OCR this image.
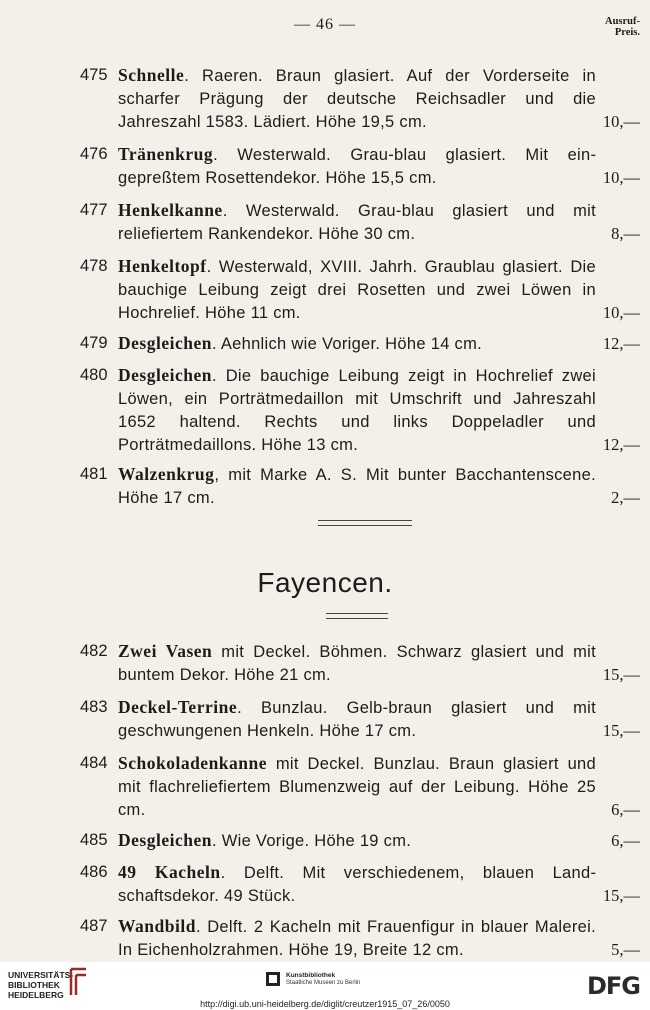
— 46 —	Ausruf-
Preis.
475 Schnelle. Raeren. Braun glasiert. Auf der Vorderseite in scharfer Prägung der deutsche Reichsadler und die Jahreszahl 1583. Lädiert. Höhe 19,5 cm.	10,—
476 Tränenkrug. Westerwald. Grau-blau glasiert. Mit eingepreßtem Rosettendekor. Höhe 15,5 cm.	10,—
477 Henkelkanne. Westerwald. Grau-blau glasiert und mit reliefiertem Rankendekor. Höhe 30 cm.	8,—
478 Henkeltopf. Westerwald, XVIII. Jahrh. Graublau glasiert. Die bauchige Leibung zeigt drei Rosetten und zwei Löwen in Hochrelief. Höhe 11 cm.	10,—
479 Desgleichen. Aehnlich wie Voriger. Höhe 14 cm.	12,—
480 Desgleichen. Die bauchige Leibung zeigt in Hochrelief zwei Löwen, ein Porträtmedaillon mit Umschrift und Jahreszahl 1652 haltend. Rechts und links Doppeladler und Porträtmedaillons. Höhe 13 cm.	12,—
481 Walzenkrug, mit Marke A. S. Mit bunter Bacchantenscene. Höhe 17 cm.	2,—
Fayencen.
482 Zwei Vasen mit Deckel. Böhmen. Schwarz glasiert und mit buntem Dekor. Höhe 21 cm.	15,—
483 Deckel-Terrine. Bunzlau. Gelb-braun glasiert und mit geschwungenen Henkeln. Höhe 17 cm.	15,—
484 Schokoladenkanne mit Deckel. Bunzlau. Braun glasiert und mit flachreliefiertem Blumenzweig auf der Leibung. Höhe 25 cm.	6,—
485 Desgleichen. Wie Vorige. Höhe 19 cm.	6,—
486 49 Kacheln. Delft. Mit verschiedenem, blauen Landschaftsdekor. 49 Stück.	15,—
487 Wandbild. Delft. 2 Kacheln mit Frauenfigur in blauer Malerei. In Eichenholzrahmen. Höhe 19, Breite 12 cm.	5,—
UNIVERSITÄTS-
BIBLIOTHEK
HEIDELBERG
Kunstbibliothek
Staatliche Museen zu Berlin	DFG
http://digi.ub.uni-heidelberg.de/diglit/creutzer1915_07_26/0050
